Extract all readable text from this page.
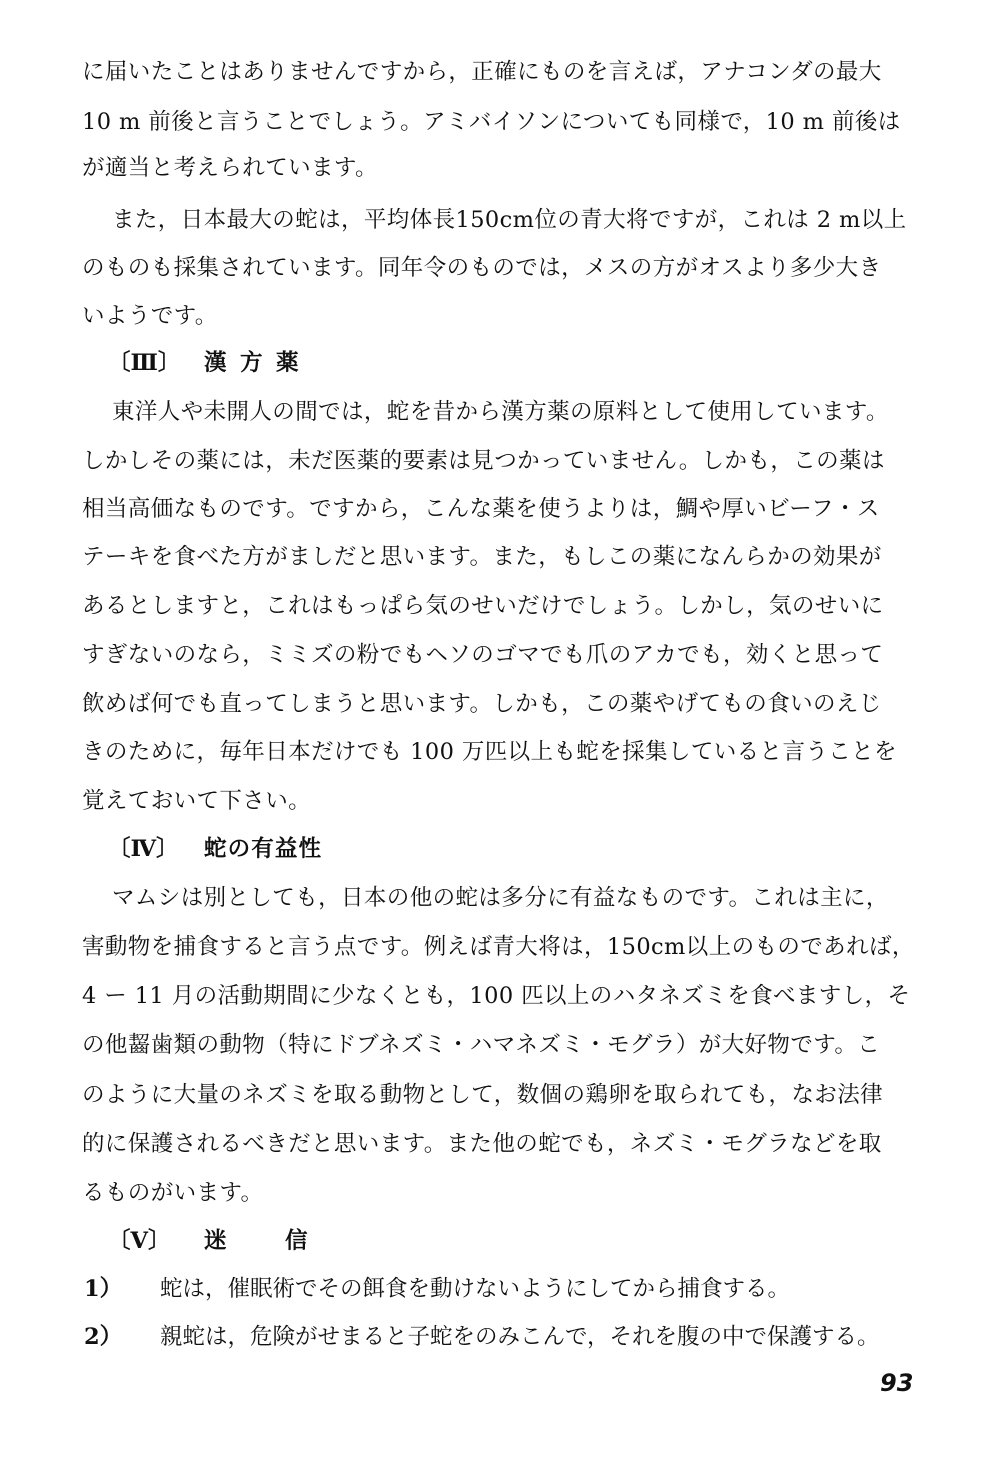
に届いたことはありませんですから，正確にものを言えば，アナコンダの最大
10 m 前後と言うことでしょう。アミバイソンについても同様で，10 m 前後は
が適当と考えられています。
また，日本最大の蛇は，平均体長150cm位の青大将ですが，これは 2 m以上
のものも採集されています。同年令のものでは，メスの方がオスより多少大き
いようです。
〔Ⅲ〕 漢方薬
東洋人や未開人の間では，蛇を昔から漢方薬の原料として使用しています。
しかしその薬には，未だ医薬的要素は見つかっていません。しかも，この薬は
相当高価なものです。ですから，こんな薬を使うよりは，鯛や厚いビーフ・ス
テーキを食べた方がましだと思います。また，もしこの薬になんらかの効果が
あるとしますと，これはもっぱら気のせいだけでしょう。しかし，気のせいに
すぎないのなら，ミミズの粉でもヘソのゴマでも爪のアカでも，効くと思って
飲めば何でも直ってしまうと思います。しかも，この薬やげてもの食いのえじ
きのために，毎年日本だけでも 100 万匹以上も蛇を採集していると言うことを
覚えておいて下さい。
〔Ⅳ〕 蛇の有益性
マムシは別としても，日本の他の蛇は多分に有益なものです。これは主に，
害動物を捕食すると言う点です。例えば青大将は，150cm以上のものであれば，
4 ー 11 月の活動期間に少なくとも，100 匹以上のハタネズミを食べますし，そ
の他齧歯類の動物（特にドブネズミ・ハマネズミ・モグラ）が大好物です。こ
のように大量のネズミを取る動物として，数個の鶏卵を取られても，なお法律
的に保護されるべきだと思います。また他の蛇でも，ネズミ・モグラなどを取
るものがいます。
〔Ⅴ〕 迷信
1） 蛇は，催眠術でその餌食を動けないようにしてから捕食する。
2） 親蛇は，危険がせまると子蛇をのみこんで，それを腹の中で保護する。
93
